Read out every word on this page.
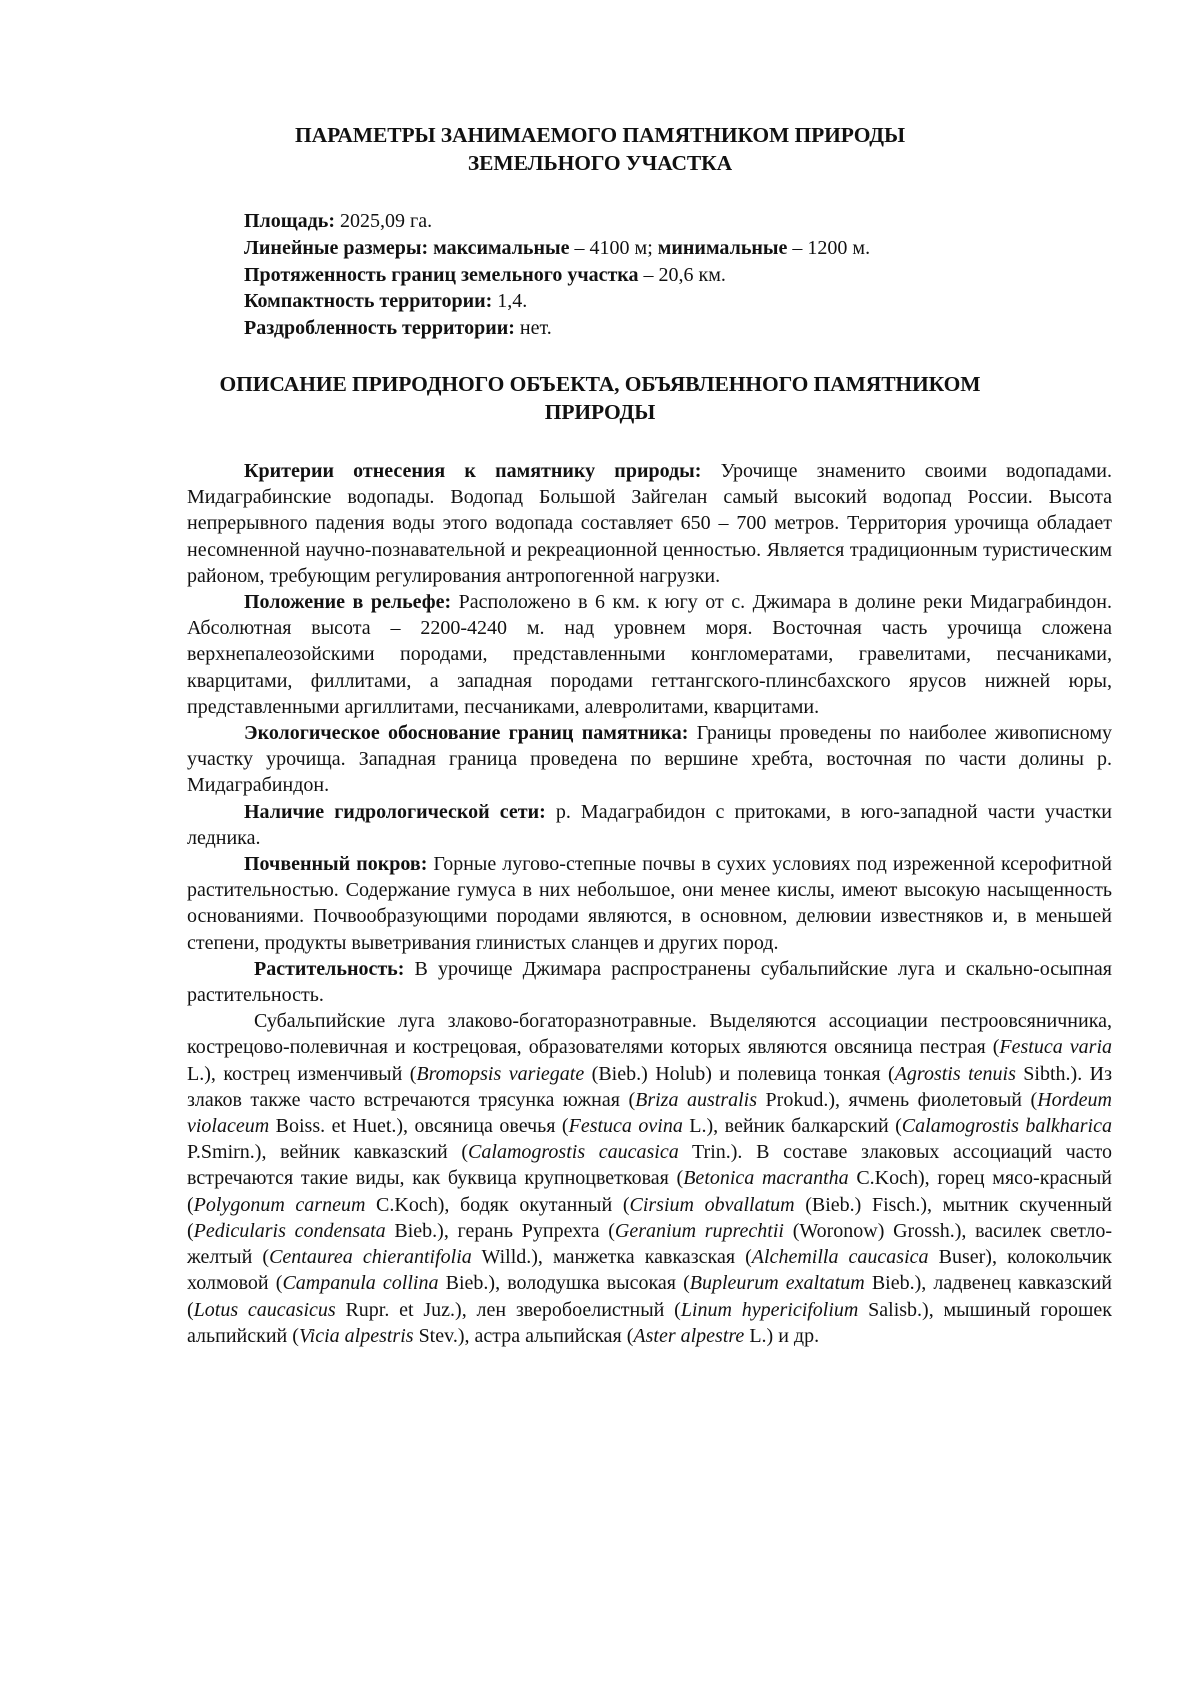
ПАРАМЕТРЫ ЗАНИМАЕМОГО ПАМЯТНИКОМ ПРИРОДЫ
ЗЕМЕЛЬНОГО УЧАСТКА
Площадь: 2025,09 га.
Линейные размеры: максимальные – 4100 м; минимальные – 1200 м.
Протяженность границ земельного участка – 20,6 км.
Компактность территории: 1,4.
Раздробленность территории: нет.
ОПИСАНИЕ ПРИРОДНОГО ОБЪЕКТА, ОБЪЯВЛЕННОГО ПАМЯТНИКОМ
ПРИРОДЫ

Критерии отнесения к памятнику природы: Урочище знаменито своими водопадами. Мидаграбинские водопады. Водопад Большой Зайгелан самый высокий водопад России. Высота непрерывного падения воды этого водопада составляет 650 – 700 метров. Территория урочища обладает несомненной научно-познавательной и рекреационной ценностью. Является традиционным туристическим районом, требующим регулирования антропогенной нагрузки.

Положение в рельефе: Расположено в 6 км. к югу от с. Джимара в долине реки Мидаграбиндон. Абсолютная высота – 2200-4240 м. над уровнем моря. Восточная часть урочища сложена верхнепалеозойскими породами, представленными конгломератами, гравелитами, песчаниками, кварцитами, филлитами, а западная породами геттангского-плинсбахского ярусов нижней юры, представленными аргиллитами, песчаниками, алевролитами, кварцитами.

Экологическое обоснование границ памятника: Границы проведены по наиболее живописному участку урочища. Западная граница проведена по вершине хребта, восточная по части долины р. Мидаграбиндон.

Наличие гидрологической сети: р. Мадаграбидон с притоками, в юго-западной части участки ледника.

Почвенный покров: Горные лугово-степные почвы в сухих условиях под изреженной ксерофитной растительностью. Содержание гумуса в них небольшое, они менее кислы, имеют высокую насыщенность основаниями. Почвообразующими породами являются, в основном, делювии известняков и, в меньшей степени, продукты выветривания глинистых сланцев и других пород.

Растительность: В урочище Джимара распространены субальпийские луга и скально-осыпная растительность.

Субальпийские луга злаково-богаторазнотравные. Выделяются ассоциации пестроовсяничника, кострецово-полевичная и кострецовая, образователями которых являются овсяница пестрая (Festuca varia L.), кострец изменчивый (Bromopsis variegate (Bieb.) Holub) и полевица тонкая (Agrostis tenuis Sibth.). Из злаков также часто встречаются трясунка южная (Briza australis Prokud.), ячмень фиолетовый (Hordeum violaceum Boiss. et Huet.), овсяница овечья (Festuca ovina L.), вейник балкарский (Calamogrostis balkharica P.Smirn.), вейник кавказский (Calamogrostis caucasica Trin.). В составе злаковых ассоциаций часто встречаются такие виды, как буквица крупноцветковая (Betonica macrantha C.Koch), горец мясо-красный (Polygonum carneum C.Koch), бодяк окутанный (Cirsium obvallatum (Bieb.) Fisch.), мытник скученный (Pedicularis condensata Bieb.), герань Рупрехта (Geranium ruprechtii (Woronow) Grossh.), василек светло-желтый (Centaurea chierantifolia Willd.), манжетка кавказская (Alchemilla caucasica Buser), колокольчик холмовой (Campanula collina Bieb.), володушка высокая (Bupleurum exaltatum Bieb.), ладвенец кавказский (Lotus caucasicus Rupr. et Juz.), лен зверобоелистный (Linum hypericifolium Salisb.), мышиный горошек альпийский (Vicia alpestris Stev.), астра альпийская (Aster alpestre L.) и др.
